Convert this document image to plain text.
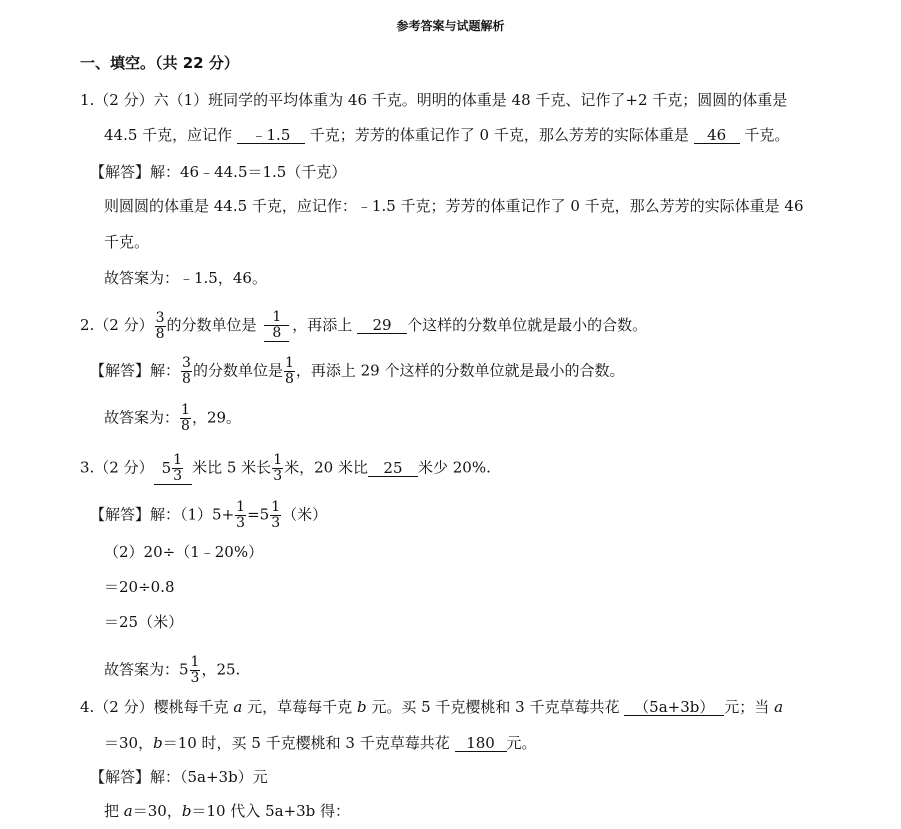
参考答案与试题解析
一、填空。（共 22 分）
1.（2 分）六（1）班同学的平均体重为 46 千克。明明的体重是 48 千克、记作了+2 千克；圆圆的体重是
44.5 千克，应记作 ﹣1.5 千克；芳芳的体重记作了 0 千克，那么芳芳的实际体重是 46 千克。
【解答】解：46﹣44.5＝1.5（千克）
则圆圆的体重是 44.5 千克，应记作：﹣1.5 千克；芳芳的体重记作了 0 千克，那么芳芳的实际体重是 46
千克。
故答案为：﹣1.5，46。
2.（2 分） $\frac{3}{8}$ 的分数单位是 $\frac{1}{8}$ ，再添上 29 个这样的分数单位就是最小的合数。
【解答】解： $\frac{3}{8}$ 的分数单位是 $\frac{1}{8}$ ，再添上 29 个这样的分数单位就是最小的合数。
故答案为： $\frac{1}{8}$ ，29。
3.（2 分） $5 \frac{1}{3}$ 米比 5 米长 $\frac{1}{3}$ 米，20 米比 25 米少 20%.
【解答】解：$(1)5+ \frac{1}{3} =5 \frac{1}{3}$ （米）
（2）20÷（1﹣20%）
＝20÷0.8
＝25（米）
故答案为：$5 \frac{1}{3}$ ，25.
4.（2 分）樱桃每千克 a 元，草莓每千克 b 元。买 5 千克樱桃和 3 千克草莓共花 （5a+3b） 元；当 a
＝30，b＝10 时，买 5 千克樱桃和 3 千克草莓共花 180 元。
【解答】解：（5a+3b）元
把 a＝30，b＝10 代入 5a+3b 得：
